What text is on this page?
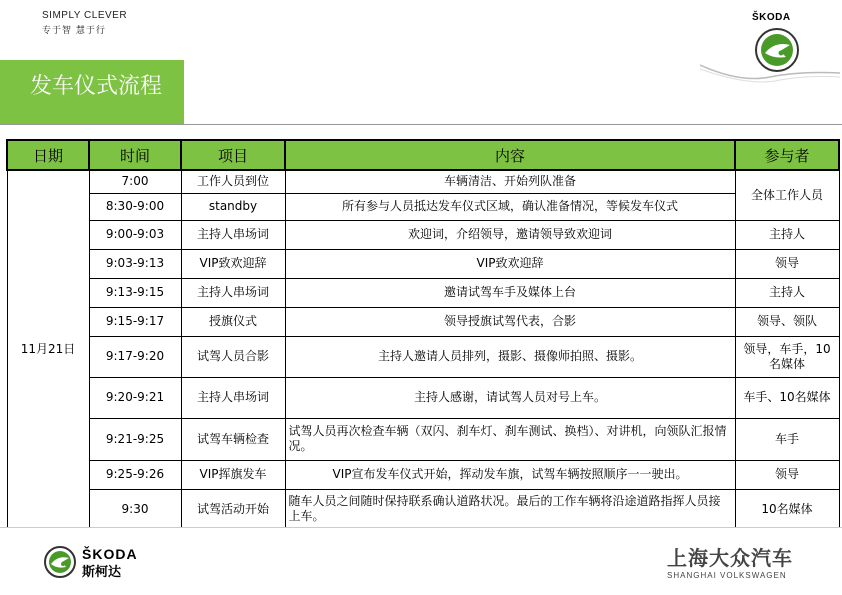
SIMPLY CLEVER
专于智 慧于行
ŠKODA
发车仪式流程
日期	时间	项目	内容	参与者
11月21日	7:00	工作人员到位	车辆清洁、开始列队准备	全体工作人员
	8:30-9:00	standby	所有参与人员抵达发车仪式区域，确认准备情况，等候发车仪式	
	9:00-9:03	主持人串场词	欢迎词，介绍领导，邀请领导致欢迎词	主持人
	9:03-9:13	VIP致欢迎辞	VIP致欢迎辞	领导
	9:13-9:15	主持人串场词	邀请试驾车手及媒体上台	主持人
	9:15-9:17	授旗仪式	领导授旗试驾代表，合影	领导、领队
	9:17-9:20	试驾人员合影	主持人邀请人员排列，摄影、摄像师拍照、摄影。	领导，车手，10名媒体
	9:20-9:21	主持人串场词	主持人感谢，请试驾人员对号上车。	车手、10名媒体
	9:21-9:25	试驾车辆检查	试驾人员再次检查车辆（双闪、刹车灯、刹车测试、换档）、对讲机，向领队汇报情况。	车手
	9:25-9:26	VIP挥旗发车	VIP宣布发车仪式开始，挥动发车旗，试驾车辆按照顺序一一驶出。	领导
	9:30	试驾活动开始	随车人员之间随时保持联系确认道路状况。最后的工作车辆将沿途道路指挥人员接上车。	10名媒体
ŠKODA
斯柯达
上海大众汽车
SHANGHAI VOLKSWAGEN
